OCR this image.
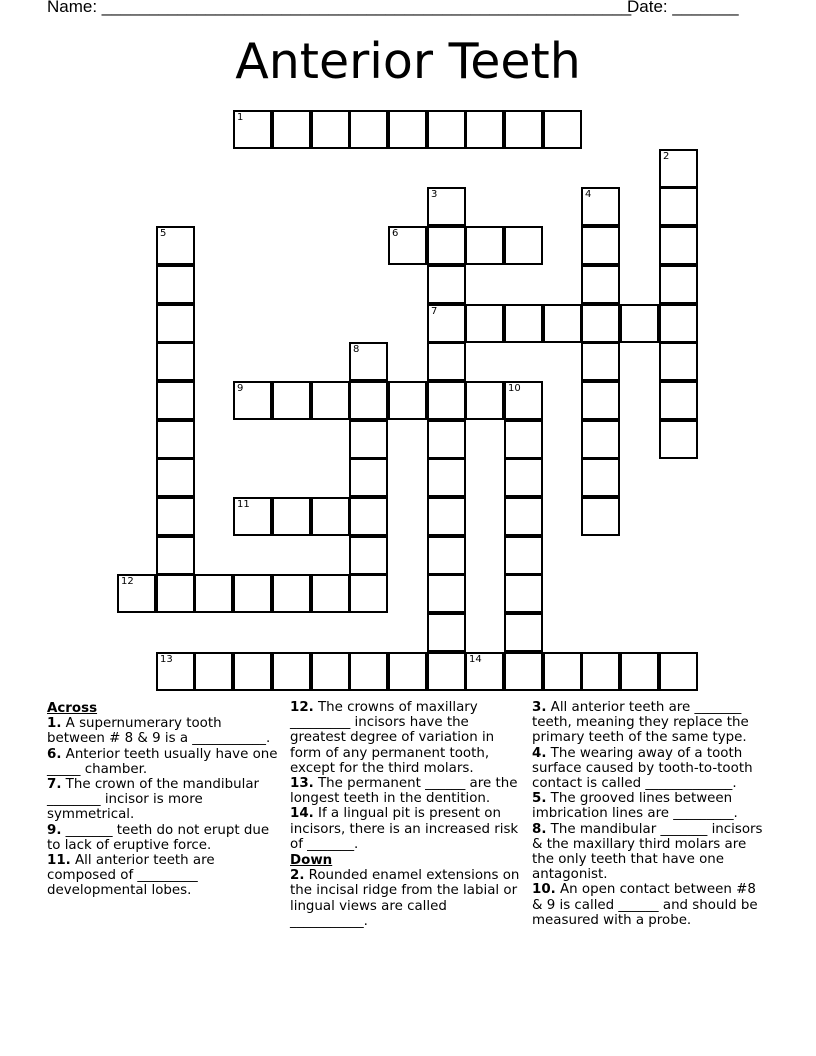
Name: ________________________________________________________
Date: _______
Anterior Teeth
1
2
3
7
4
5	6
8
9	10
11
12
13	14
Across
1. A supernumerary tooth between # 8 & 9 is a ___________.
6. Anterior teeth usually have one _____ chamber.
7. The crown of the mandibular ________ incisor is more symmetrical.
9. _______ teeth do not erupt due to lack of eruptive force.
11. All anterior teeth are composed of _________ developmental lobes.
12. The crowns of maxillary _________ incisors have the greatest degree of variation in form of any permanent tooth, except for the third molars.
13. The permanent ______ are the longest teeth in the dentition.
14. If a lingual pit is present on incisors, there is an increased risk of _______.
Down
2. Rounded enamel extensions on the incisal ridge from the labial or lingual views are called ___________.
3. All anterior teeth are _______ teeth, meaning they replace the primary teeth of the same type.
4. The wearing away of a tooth surface caused by tooth-to-tooth contact is called _____________.
5. The grooved lines between imbrication lines are _________.
8. The mandibular _______ incisors & the maxillary third molars are the only teeth that have one antagonist.
10. An open contact between #8 & 9 is called ______ and should be measured with a probe.
